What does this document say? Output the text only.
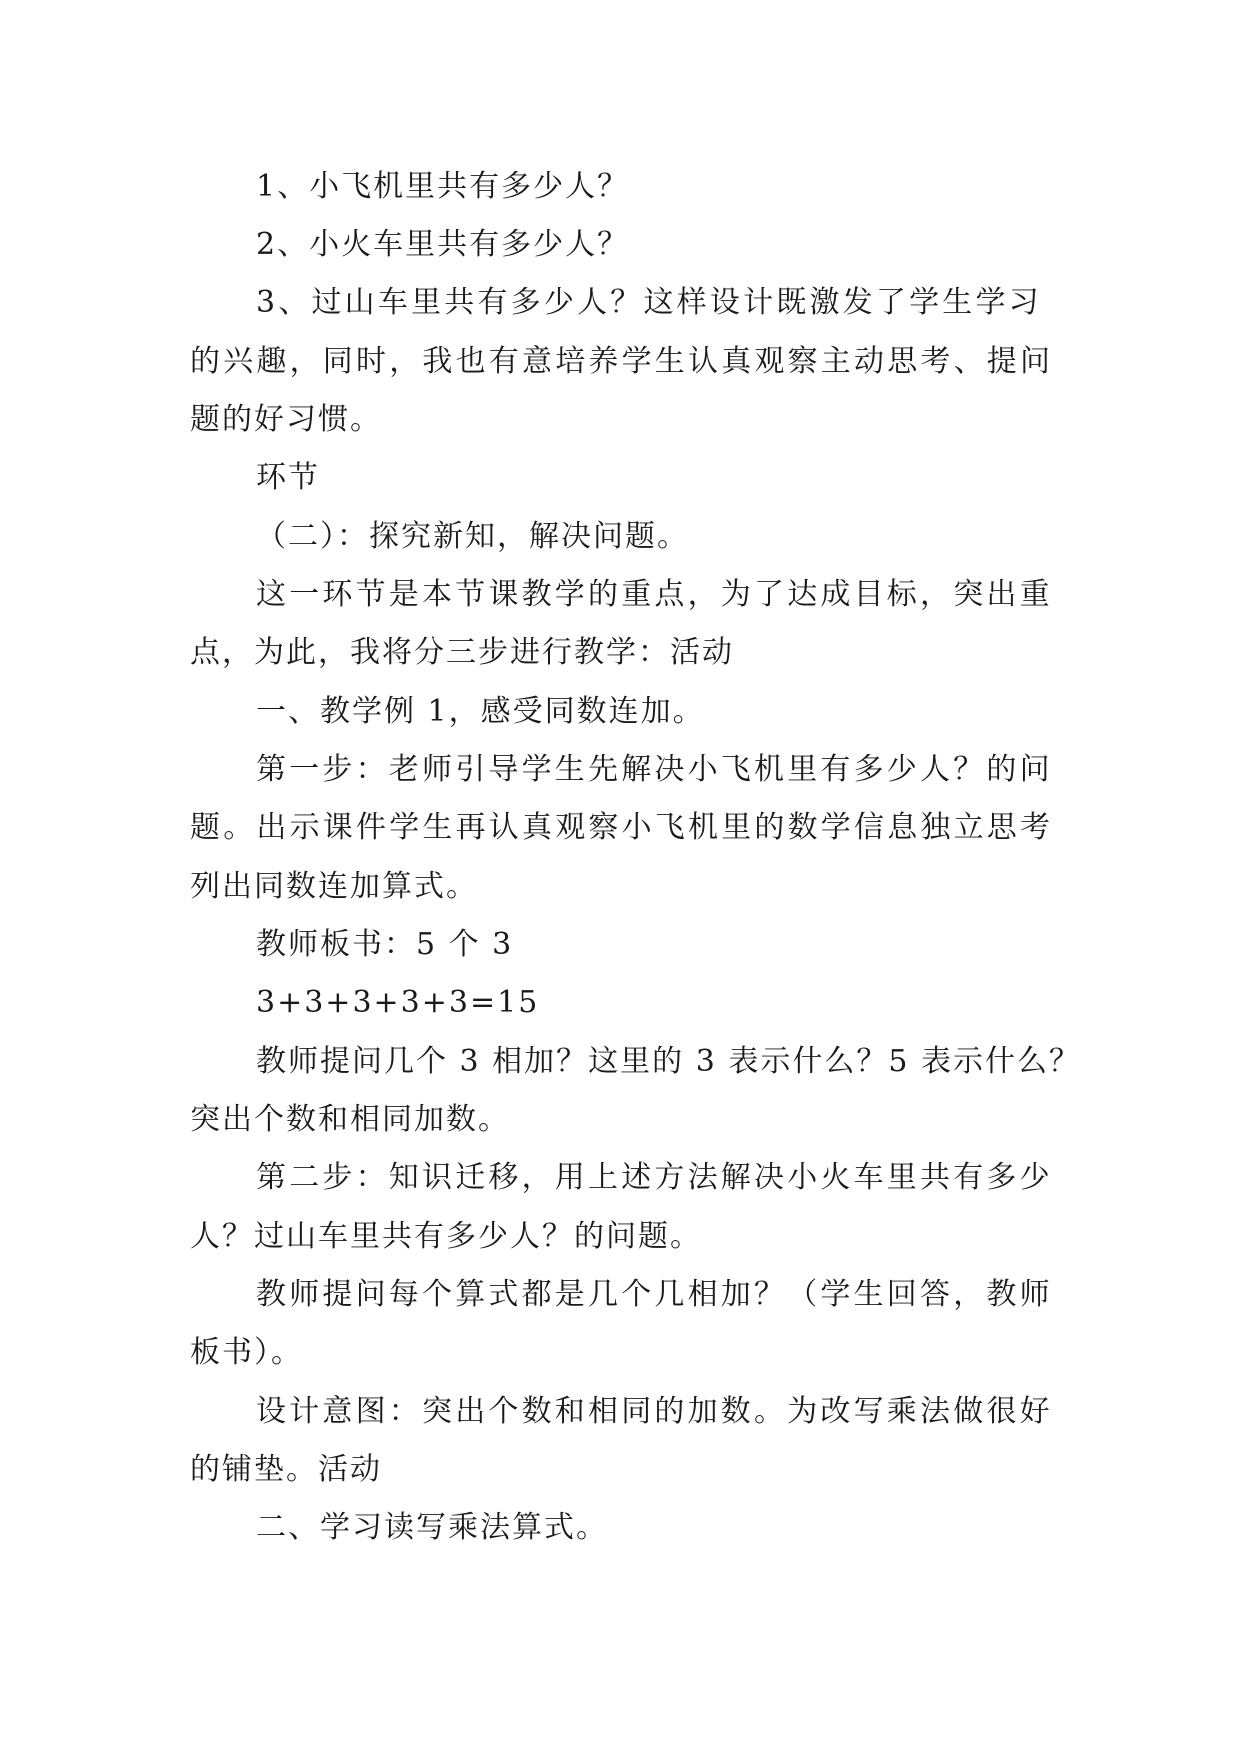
1、小飞机里共有多少人？
2、小火车里共有多少人？
3、过山车里共有多少人？这样设计既激发了学生学习
的兴趣，同时，我也有意培养学生认真观察主动思考、提问
题的好习惯。
环节
（二）：探究新知，解决问题。
这一环节是本节课教学的重点，为了达成目标，突出重
点，为此，我将分三步进行教学：活动
一、教学例 1，感受同数连加。
第一步：老师引导学生先解决小飞机里有多少人？的问
题。出示课件学生再认真观察小飞机里的数学信息独立思考
列出同数连加算式。
教师板书：5 个 3
3+3+3+3+3=15
教师提问几个 3 相加？这里的 3 表示什么？5 表示什么？
突出个数和相同加数。
第二步：知识迁移，用上述方法解决小火车里共有多少
人？过山车里共有多少人？的问题。
教师提问每个算式都是几个几相加？（学生回答，教师
板书）。
设计意图：突出个数和相同的加数。为改写乘法做很好
的铺垫。活动
二、学习读写乘法算式。
